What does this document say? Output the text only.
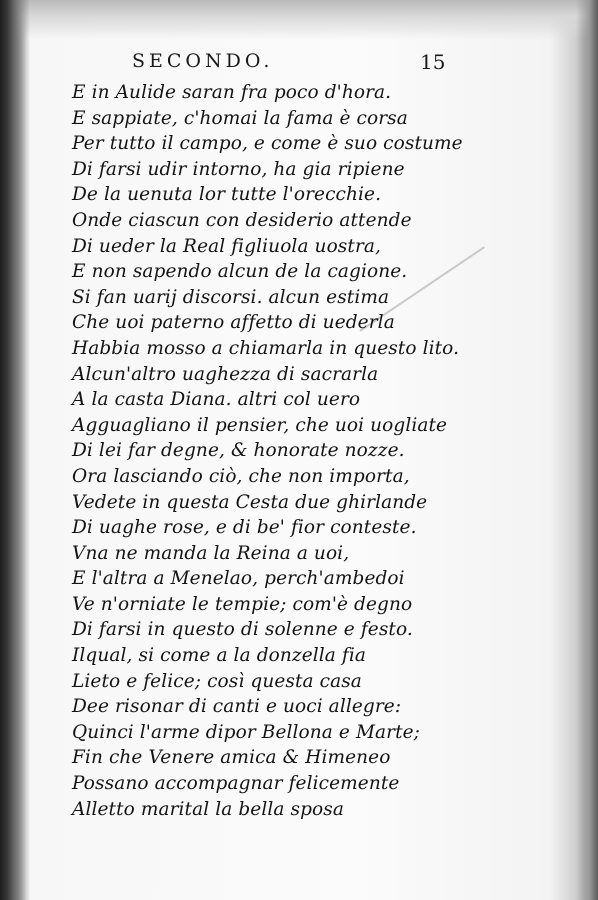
SECONDO.	15
E in Aulide saran fra poco d'hora.
E sappiate, c'homai la fama è corsa
Per tutto il campo, e come è suo costume
Di farsi udir intorno, ha gia ripiene
De la uenuta lor tutte l'orecchie.
Onde ciascun con desiderio attende
Di ueder la Real figliuola uostra,
E non sapendo alcun de la cagione.
Si fan uarij discorsi. alcun estima
Che uoi paterno affetto di uederla
Habbia mosso a chiamarla in questo lito.
Alcun'altro uaghezza di sacrarla
A la casta Diana. altri col uero
Agguagliano il pensier, che uoi uogliate
Di lei far degne, & honorate nozze.
Ora lasciando ciò, che non importa,
Vedete in questa Cesta due ghirlande
Di uaghe rose, e di be' fior conteste.
Vna ne manda la Reina a uoi,
E l'altra a Menelao, perch'ambedoi
Ve n'orniate le tempie; com'è degno
Di farsi in questo di solenne e festo.
Ilqual, si come a la donzella fia
Lieto e felice; così questa casa
Dee risonar di canti e uoci allegre:
Quinci l'arme dipor Bellona e Marte;
Fin che Venere amica & Himeneo
Possano accompagnar felicemente
Alletto marital la bella sposa
